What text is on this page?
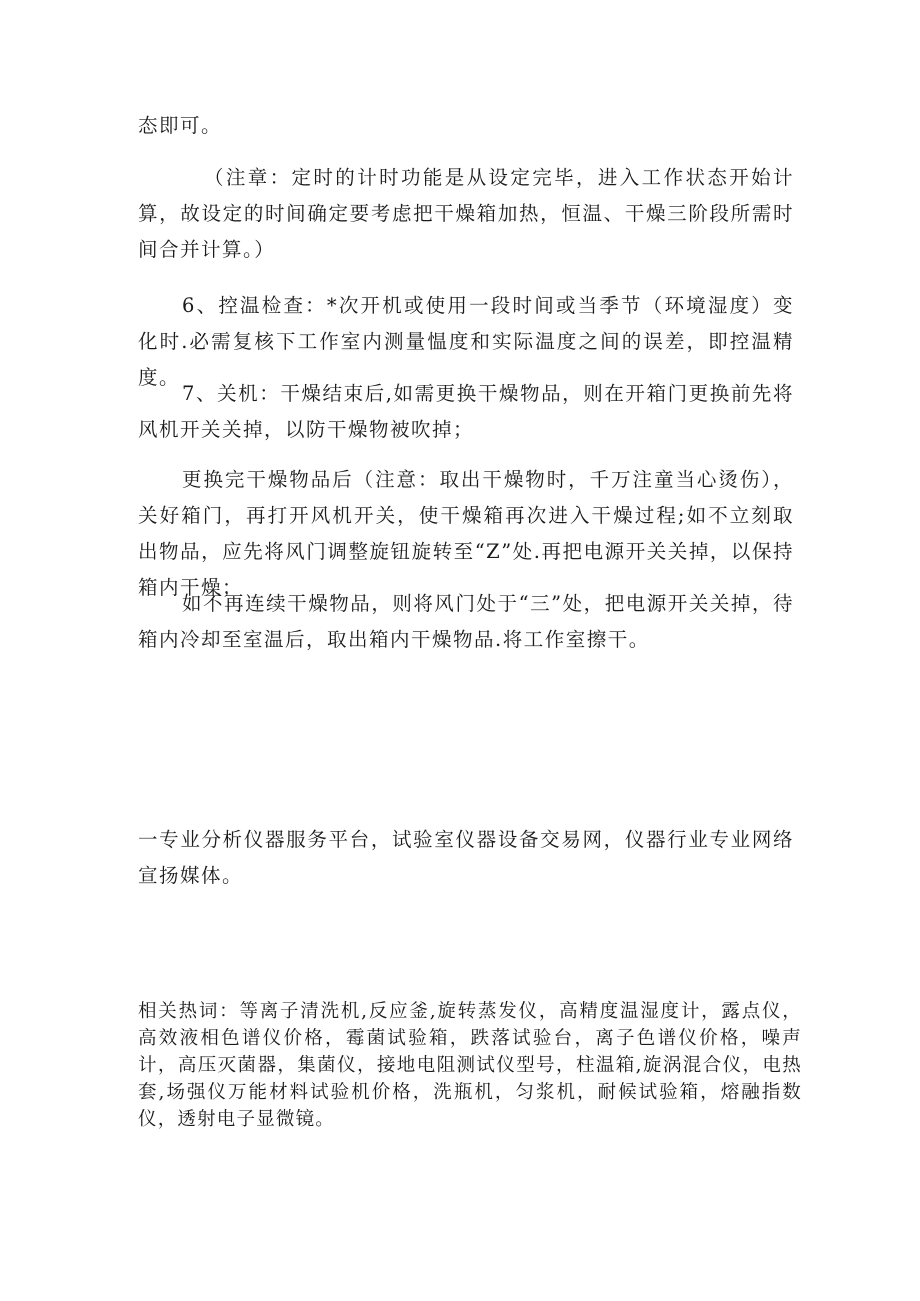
态即可。

（注章：定时的计时功能是从设定完毕，进入工作状态开始计算，故设定的时间确定要考虑把干燥箱加热，恒温、干燥三阶段所需时间合并计算。）

6、控温检查：*次开机或使用一段时间或当季节（环境湿度）变化时.必需复核下工作室内测量愠度和实际温度之间的误差，即控温精度。

7、关机：干燥结束后,如需更换干燥物品，则在开箱门更换前先将风机开关关掉，以防干燥物被吹掉；

更换完干燥物品后（注意：取出干燥物时，千万注童当心烫伤），关好箱门，再打开风机开关，使干燥箱再次进入干燥过程;如不立刻取出物品，应先将风门调整旋钮旋转至“Z”处.再把电源开关关掉，以保持箱内干燥；

如不再连续干燥物品，则将风门处于“三”处，把电源开关关掉，待箱内冷却至室温后，取出箱内干燥物品.将工作室擦干。

一专业分析仪器服务平台，试验室仪器设备交易网，仪器行业专业网络宣扬媒体。

相关热词：等离子清洗机,反应釜,旋转蒸发仪，高精度温湿度计，露点仪，高效液相色谱仪价格，霉菌试验箱，跌落试验台，离子色谱仪价格，噪声计，高压灭菌器，集菌仪，接地电阻测试仪型号，柱温箱,旋涡混合仪，电热套,场强仪万能材料试验机价格，洗瓶机，匀浆机，耐候试验箱，熔融指数仪，透射电子显微镜。
